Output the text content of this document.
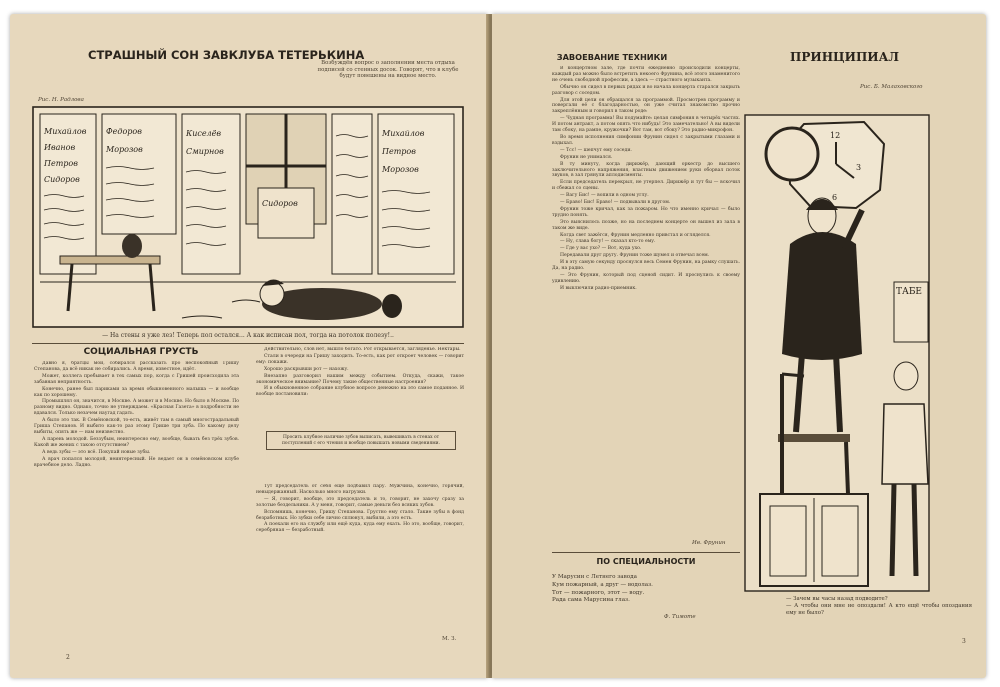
СТРАШНЫЙ СОН ЗАВКЛУБА ТЕТЕРЬКИНА
Возбуждён вопрос о заполнении места отдыха подписей со стенных досок. Говорят, что в клубе будут повешены на видное место.
Рис. Н. Радлова
Михайлов
Иванов
Петров
Сидоров
Федоров
Морозов
Киселёв
Смирнов
Михайлов
Петров
Морозов
Сидоров
— На стены я уже лез! Теперь пол остался... А как исписан пол, тогда на потолок полезу!..
СОЦИАЛЬНАЯ ГРУСТЬ

Давно я, братцы мои, собирался рассказать про неспокойный Гришу Степанова, да всё никак не собирались. А время, известное, идёт.

Может, коллега пребывает в тех самых пор, когда с Гришей происходила эта забавная неприятность.

Конечно, ранее был париками за время обыкновенного малыша — и вообще как по хорошему.

Промышлял он, значится, в Москве. А может и в Москве. Но было в Москве. По разному видно. Однако, точно не утверждаем. «Красная Газета» в подробности не вдавался. Только незачем наугад гадать.

А было это так. В Семёновской, то-есть, живёт там в самый многострадальный Гриша Степанов. И выбито как-то раз этому Грише три зуба. По какому делу выбиты, опять же — нам неизвестно.

А парень молодой. Беззубым, неинтересно ему, вообще, бывать без трёх зубов. Какой же жених с такою отсутствием?

А ведь зубы — это всё. Покупай новые зубы.

А врач попался молодой, неинтересный. Не ведает он в семёновском клубе врачебное дело. Ладно.

Действительно, слов нет, вышло богато. Рот открывается, загляденье. Нектары.

Стали в очереди на Гришу заходить. То-есть, как рот откроет человек — говорит ему: покажи.

Хорошо раскрывши рот — нахожу.

Внезапно разговорил нашим между событием. Откуда, скажи, такое экономическое внимание? Почему такие общественные настроения?

И в обыкновенное собрание клубное вопросе денежно на это самое поданное. И вообще постановили:

Просить клубное наличие зубов выписать, вывешивать в стенах от поступлений с его чтения и вообще повышать новыми сведениями.

Тут председатель от себя ещё подбавил пару. Мужчина, конечно, горячий, невыдержанный. Насколько много нагрузки.

— Я, говорит, вообще, это председатель и то, говорит, не захочу сразу за золотые бездельники. А у меня, говорит, самые деньги без всяких зубов.

Вспомнишь, конечно, Гришу Степанова. Грустно ему стало. Такие зубы в фонд безработных. Но зубки себе лично сплюнул, выбили, а это есть.

А поехали его на службу или ещё куда, куда ему ехать. Но это, вообще, говорит, серебряная — безработный.

М. З.
2
ЗАВОЕВАНИЕ ТЕХНИКИ	ПРИНЦИПИАЛ
Рис. Б. Малаховского

В концертном зале, где почти ежедневно происходили концерты, каждый раз можно было встретить некоего Фрунина, всё этого знаменитого не очень свободной профессии, а здесь — страстного музыканта.

Обычно он сидел в первых рядах и во начала концерта старался закрыть разговор с соседом.

Для этой цели он обращался за программой. Просмотрев программу и повергали её с благодарностью, он уже считал знакомство прочно закреплённым и говорил в таком роде:

— Чудная программа! Вы подумайте: целая симфония в четырёх частях. И потом антракт, а потом опять что нибудь! Это замечательно! А вы видели там сбоку, на рампе, кружочки? Вот там, вот сбоку? Это радио-микрофон.

Во время исполнения симфонии Фрунин сидел с закрытыми глазами и вздыхал.

— Тсс! — шепчут ему соседи.

Фрунин не унимался.

В ту минуту, когда дирижёр, дающий оркестр до высшего заключительного напряжения, властным движением руки оборвал поток звуков, в зал грянули аплодисменты.

Если председатель перекрыл, не утерпел. Дирижёр и тут бы — вскочил и сбежал со сцены.

— Вагу Бис! — вопили в одном углу.

— Браво! Бис! Браво! — подвывали в другом.

Фрунин тоже кричал, как за пожаром. Но что именно кричал — было трудно понять.

Это выяснилось позже, но на последнем концерте он вышел из зала в таком же виде.

Когда свет зажёгся, Фрунин медленно привстал и огляделся.

— Ну, слава богу! — сказал кто-то ему.

— Где у вас ухо? — Вот, куда ухо.

Передавали друг другу. Фрунин тоже шумел и отвечал всем.

И в эту самую секунду проснулся весь Семен Фрунин, на рамку слушать. Да, на радио.

— Это Фрунин, который под сценой сидит. И проснулись к своему удивлению.

И выключили радио-приемник.

Ив. Фрунин
ПО СПЕЦИАЛЬНОСТИ
У Марусин с Летнего завода
Кум пожарный, а друг — водолаз.
Тот — пожарного, этот — воду.
Рада сама Марусина глаз.
Ф. Тимоте
12
3
6
ТАБЕ
— Зачем вы часы назад подводите?
— А чтобы они мне не опоздали! А кто ещё чтобы опоздания ему не было?
3
